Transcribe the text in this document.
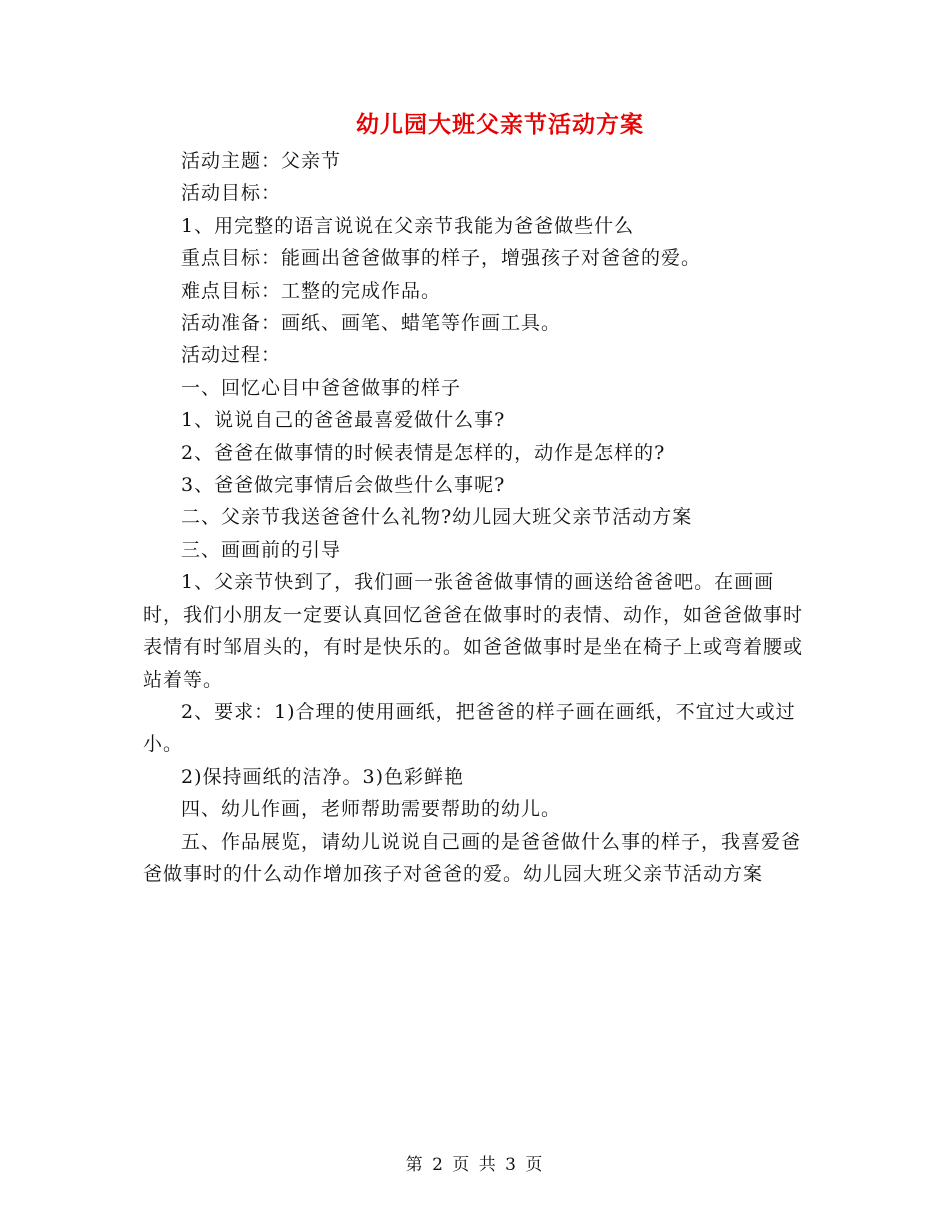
幼儿园大班父亲节活动方案

活动主题：父亲节

活动目标：

1、用完整的语言说说在父亲节我能为爸爸做些什么

重点目标：能画出爸爸做事的样子，增强孩子对爸爸的爱。

难点目标：工整的完成作品。

活动准备：画纸、画笔、蜡笔等作画工具。

活动过程：

一、回忆心目中爸爸做事的样子

1、说说自己的爸爸最喜爱做什么事?

2、爸爸在做事情的时候表情是怎样的，动作是怎样的?

3、爸爸做完事情后会做些什么事呢?

二、父亲节我送爸爸什么礼物?幼儿园大班父亲节活动方案

三、画画前的引导

1、父亲节快到了，我们画一张爸爸做事情的画送给爸爸吧。在画画时，我们小朋友一定要认真回忆爸爸在做事时的表情、动作，如爸爸做事时表情有时邹眉头的，有时是快乐的。如爸爸做事时是坐在椅子上或弯着腰或站着等。

2、要求：1)合理的使用画纸，把爸爸的样子画在画纸，不宜过大或过小。

2)保持画纸的洁净。3)色彩鲜艳

四、幼儿作画，老师帮助需要帮助的幼儿。

五、作品展览，请幼儿说说自己画的是爸爸做什么事的样子，我喜爱爸爸做事时的什么动作增加孩子对爸爸的爱。幼儿园大班父亲节活动方案

第 2 页 共 3 页
